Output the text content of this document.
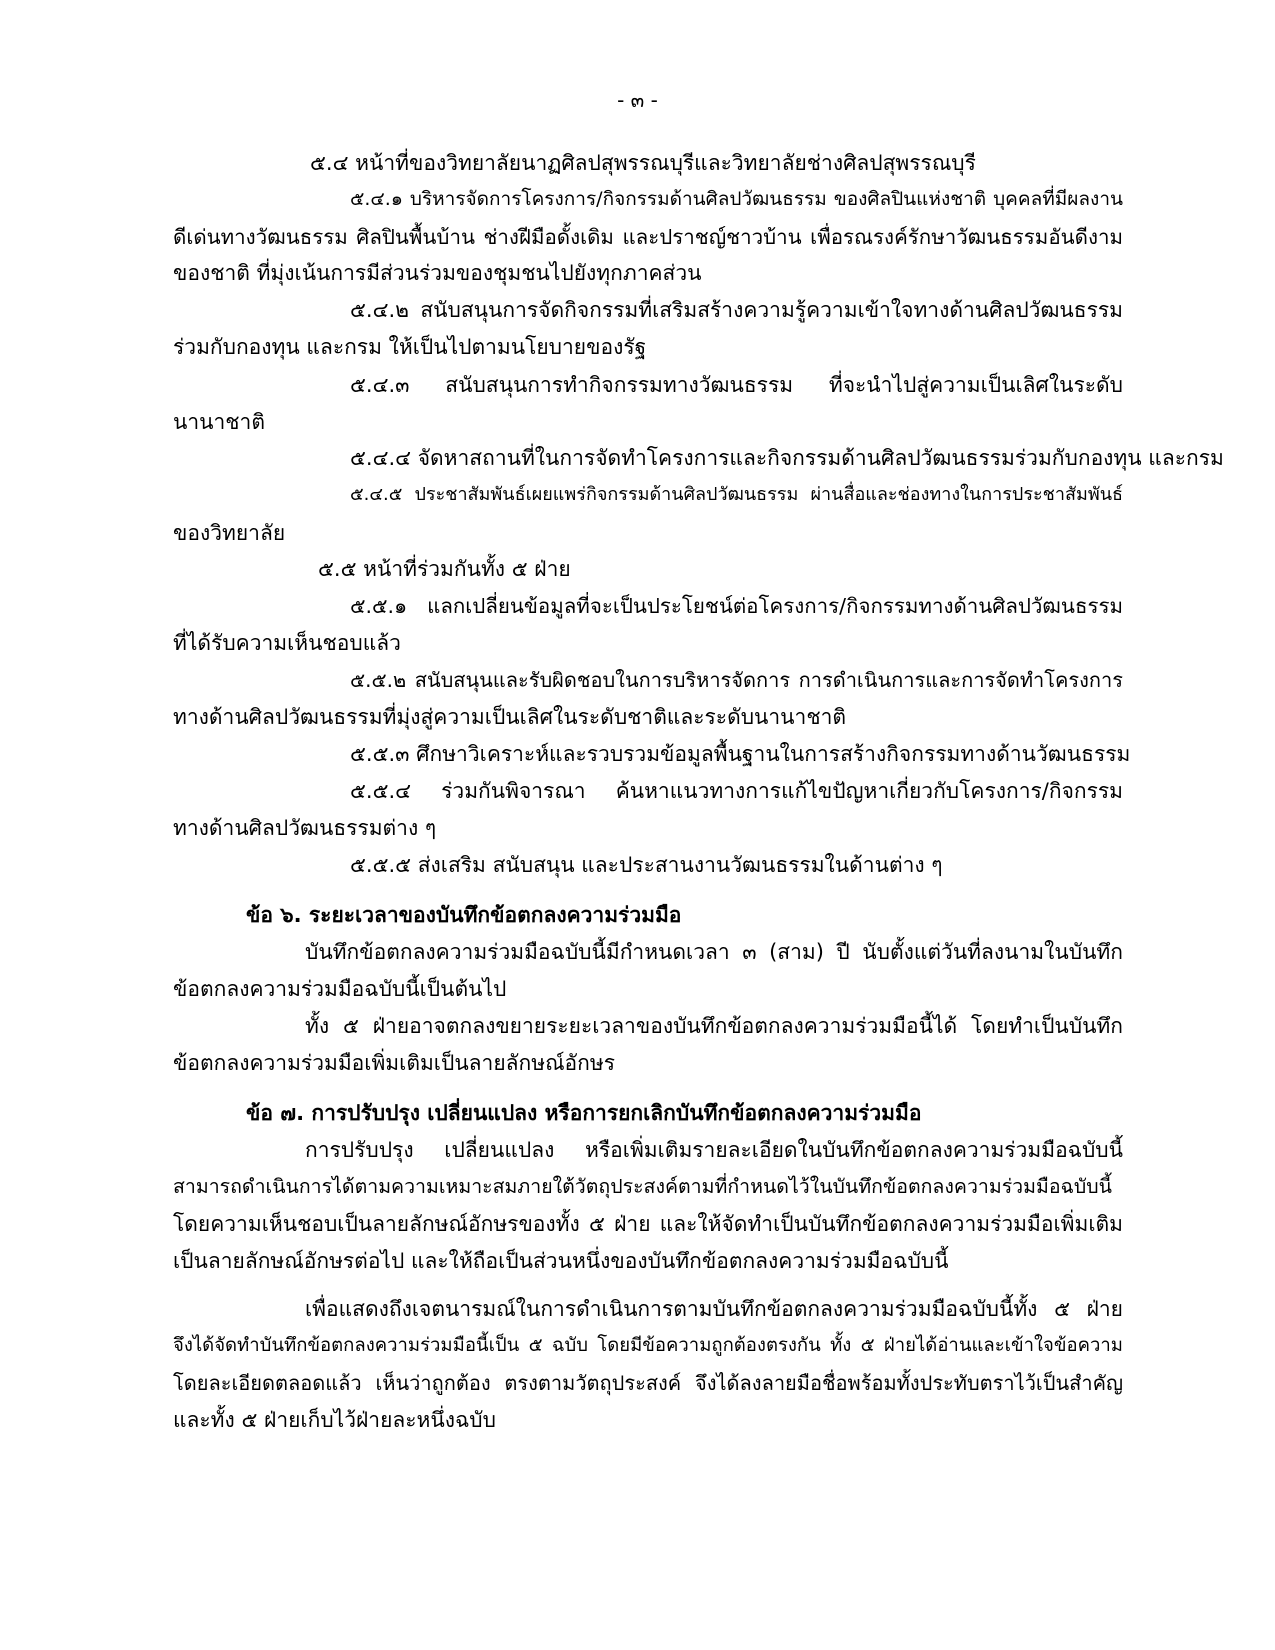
- ๓ -
๕.๔ หน้าที่ของวิทยาลัยนาฏศิลปสุพรรณบุรีและวิทยาลัยช่างศิลปสุพรรณบุรี
๕.๔.๑ บริหารจัดการโครงการ/กิจกรรมด้านศิลปวัฒนธรรม ของศิลปินแห่งชาติ บุคคลที่มีผลงาน
ดีเด่นทางวัฒนธรรม ศิลปินพื้นบ้าน ช่างฝีมือดั้งเดิม และปราชญ์ชาวบ้าน เพื่อรณรงค์รักษาวัฒนธรรมอันดีงาม
ของชาติ ที่มุ่งเน้นการมีส่วนร่วมของชุมชนไปยังทุกภาคส่วน
๕.๔.๒ สนับสนุนการจัดกิจกรรมที่เสริมสร้างความรู้ความเข้าใจทางด้านศิลปวัฒนธรรม
ร่วมกับกองทุน และกรม ให้เป็นไปตามนโยบายของรัฐ
๕.๔.๓ สนับสนุนการทำกิจกรรมทางวัฒนธรรม ที่จะนำไปสู่ความเป็นเลิศในระดับ
นานาชาติ
๕.๔.๔ จัดหาสถานที่ในการจัดทำโครงการและกิจกรรมด้านศิลปวัฒนธรรมร่วมกับกองทุน และกรม
๕.๔.๕ ประชาสัมพันธ์เผยแพร่กิจกรรมด้านศิลปวัฒนธรรม ผ่านสื่อและช่องทางในการประชาสัมพันธ์
ของวิทยาลัย
๕.๕ หน้าที่ร่วมกันทั้ง ๕ ฝ่าย
๕.๕.๑ แลกเปลี่ยนข้อมูลที่จะเป็นประโยชน์ต่อโครงการ/กิจกรรมทางด้านศิลปวัฒนธรรม
ที่ได้รับความเห็นชอบแล้ว
๕.๕.๒ สนับสนุนและรับผิดชอบในการบริหารจัดการ การดำเนินการและการจัดทำโครงการ
ทางด้านศิลปวัฒนธรรมที่มุ่งสู่ความเป็นเลิศในระดับชาติและระดับนานาชาติ
๕.๕.๓ ศึกษาวิเคราะห์และรวบรวมข้อมูลพื้นฐานในการสร้างกิจกรรมทางด้านวัฒนธรรม
๕.๕.๔ ร่วมกันพิจารณา ค้นหาแนวทางการแก้ไขปัญหาเกี่ยวกับโครงการ/กิจกรรม
ทางด้านศิลปวัฒนธรรมต่าง ๆ
๕.๕.๕ ส่งเสริม สนับสนุน และประสานงานวัฒนธรรมในด้านต่าง ๆ
ข้อ ๖. ระยะเวลาของบันทึกข้อตกลงความร่วมมือ
บันทึกข้อตกลงความร่วมมือฉบับนี้มีกำหนดเวลา ๓ (สาม) ปี นับตั้งแต่วันที่ลงนามในบันทึก
ข้อตกลงความร่วมมือฉบับนี้เป็นต้นไป
ทั้ง ๕ ฝ่ายอาจตกลงขยายระยะเวลาของบันทึกข้อตกลงความร่วมมือนี้ได้ โดยทำเป็นบันทึก
ข้อตกลงความร่วมมือเพิ่มเติมเป็นลายลักษณ์อักษร
ข้อ ๗. การปรับปรุง เปลี่ยนแปลง หรือการยกเลิกบันทึกข้อตกลงความร่วมมือ
การปรับปรุง เปลี่ยนแปลง หรือเพิ่มเติมรายละเอียดในบันทึกข้อตกลงความร่วมมือฉบับนี้
สามารถดำเนินการได้ตามความเหมาะสมภายใต้วัตถุประสงค์ตามที่กำหนดไว้ในบันทึกข้อตกลงความร่วมมือฉบับนี้
โดยความเห็นชอบเป็นลายลักษณ์อักษรของทั้ง ๕ ฝ่าย และให้จัดทำเป็นบันทึกข้อตกลงความร่วมมือเพิ่มเติม
เป็นลายลักษณ์อักษรต่อไป และให้ถือเป็นส่วนหนึ่งของบันทึกข้อตกลงความร่วมมือฉบับนี้
เพื่อแสดงถึงเจตนารมณ์ในการดำเนินการตามบันทึกข้อตกลงความร่วมมือฉบับนี้ทั้ง ๕ ฝ่าย
จึงได้จัดทำบันทึกข้อตกลงความร่วมมือนี้เป็น ๕ ฉบับ โดยมีข้อความถูกต้องตรงกัน ทั้ง ๕ ฝ่ายได้อ่านและเข้าใจข้อความ
โดยละเอียดตลอดแล้ว เห็นว่าถูกต้อง ตรงตามวัตถุประสงค์ จึงได้ลงลายมือชื่อพร้อมทั้งประทับตราไว้เป็นสำคัญ
และทั้ง ๕ ฝ่ายเก็บไว้ฝ่ายละหนึ่งฉบับ
